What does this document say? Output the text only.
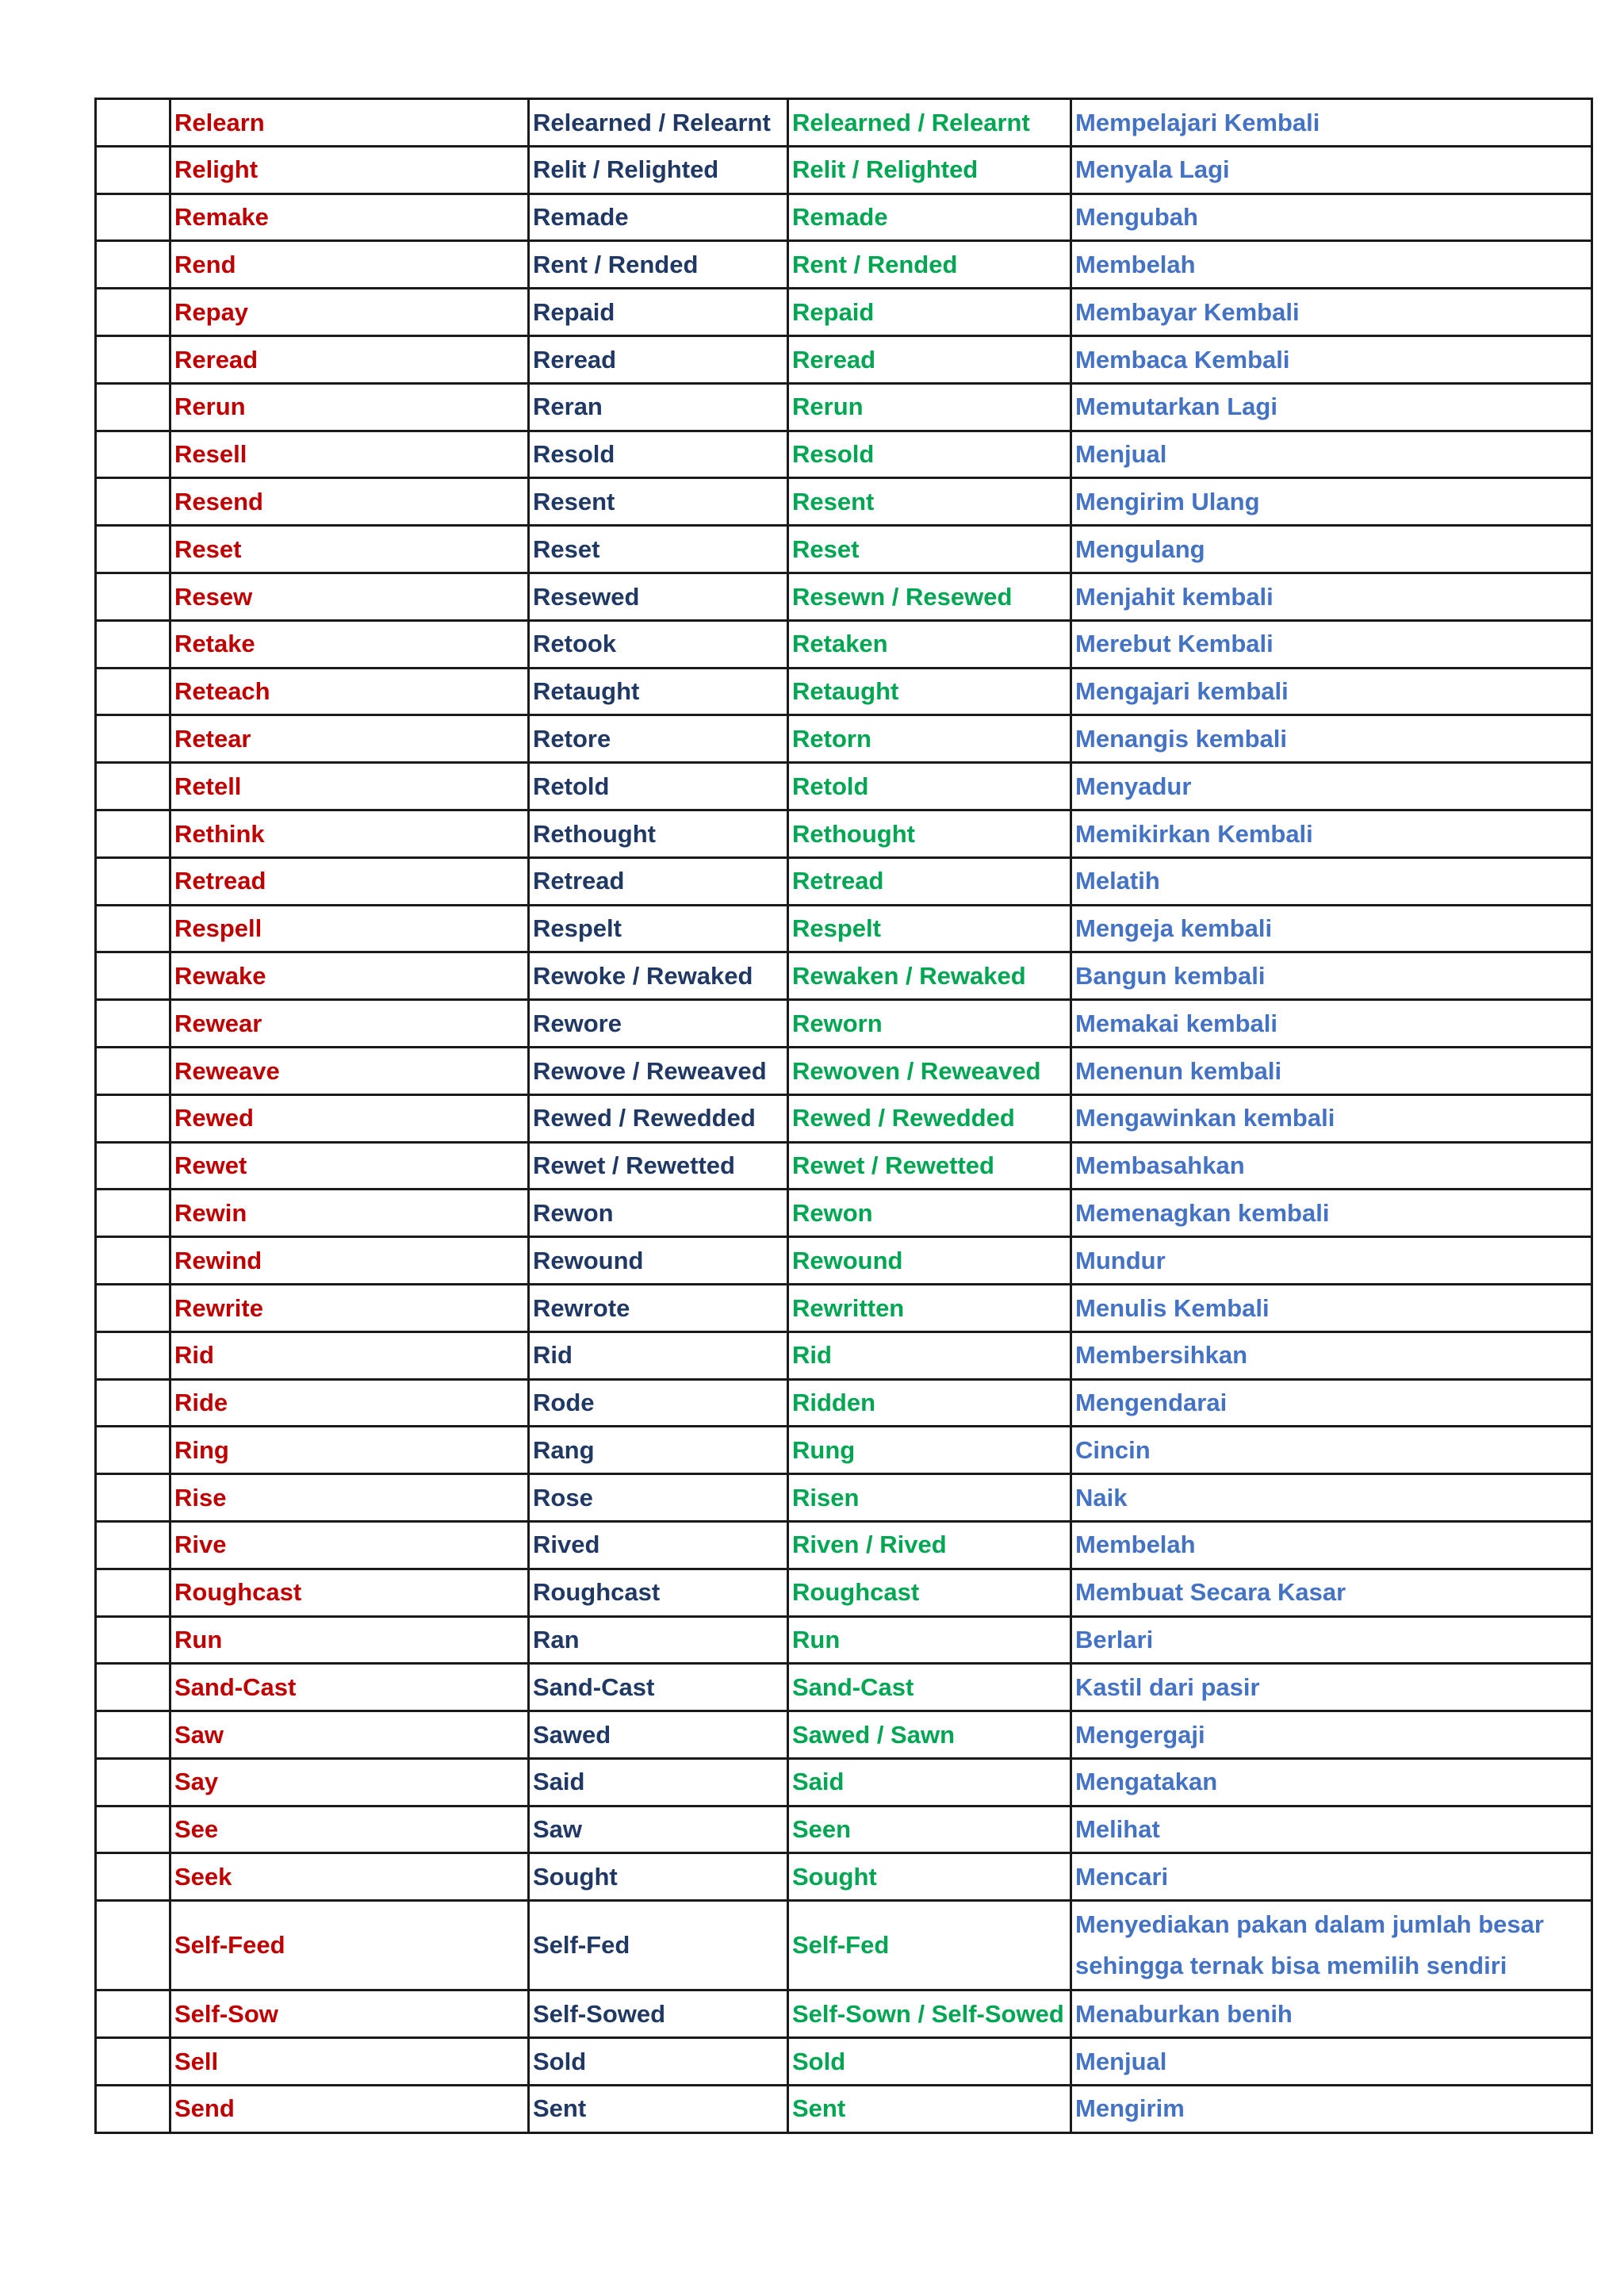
	Relearn	Relearned / Relearnt	Relearned / Relearnt	Mempelajari Kembali
	Relight	Relit / Relighted	Relit / Relighted	Menyala Lagi
	Remake	Remade	Remade	Mengubah
	Rend	Rent / Rended	Rent / Rended	Membelah
	Repay	Repaid	Repaid	Membayar Kembali
	Reread	Reread	Reread	Membaca Kembali
	Rerun	Reran	Rerun	Memutarkan Lagi
	Resell	Resold	Resold	Menjual
	Resend	Resent	Resent	Mengirim Ulang
	Reset	Reset	Reset	Mengulang
	Resew	Resewed	Resewn / Resewed	Menjahit kembali
	Retake	Retook	Retaken	Merebut Kembali
	Reteach	Retaught	Retaught	Mengajari kembali
	Retear	Retore	Retorn	Menangis kembali
	Retell	Retold	Retold	Menyadur
	Rethink	Rethought	Rethought	Memikirkan Kembali
	Retread	Retread	Retread	Melatih
	Respell	Respelt	Respelt	Mengeja kembali
	Rewake	Rewoke / Rewaked	Rewaken / Rewaked	Bangun kembali
	Rewear	Rewore	Reworn	Memakai kembali
	Reweave	Rewove / Reweaved	Rewoven / Reweaved	Menenun kembali
	Rewed	Rewed / Rewedded	Rewed / Rewedded	Mengawinkan kembali
	Rewet	Rewet / Rewetted	Rewet / Rewetted	Membasahkan
	Rewin	Rewon	Rewon	Memenagkan kembali
	Rewind	Rewound	Rewound	Mundur
	Rewrite	Rewrote	Rewritten	Menulis Kembali
	Rid	Rid	Rid	Membersihkan
	Ride	Rode	Ridden	Mengendarai
	Ring	Rang	Rung	Cincin
	Rise	Rose	Risen	Naik
	Rive	Rived	Riven / Rived	Membelah
	Roughcast	Roughcast	Roughcast	Membuat Secara Kasar
	Run	Ran	Run	Berlari
	Sand-Cast	Sand-Cast	Sand-Cast	Kastil dari pasir
	Saw	Sawed	Sawed / Sawn	Mengergaji
	Say	Said	Said	Mengatakan
	See	Saw	Seen	Melihat
	Seek	Sought	Sought	Mencari
	Self-Feed	Self-Fed	Self-Fed	Menyediakan pakan dalam jumlah besar sehingga ternak bisa memilih sendiri
	Self-Sow	Self-Sowed	Self-Sown / Self-Sowed	Menaburkan benih
	Sell	Sold	Sold	Menjual
	Send	Sent	Sent	Mengirim
